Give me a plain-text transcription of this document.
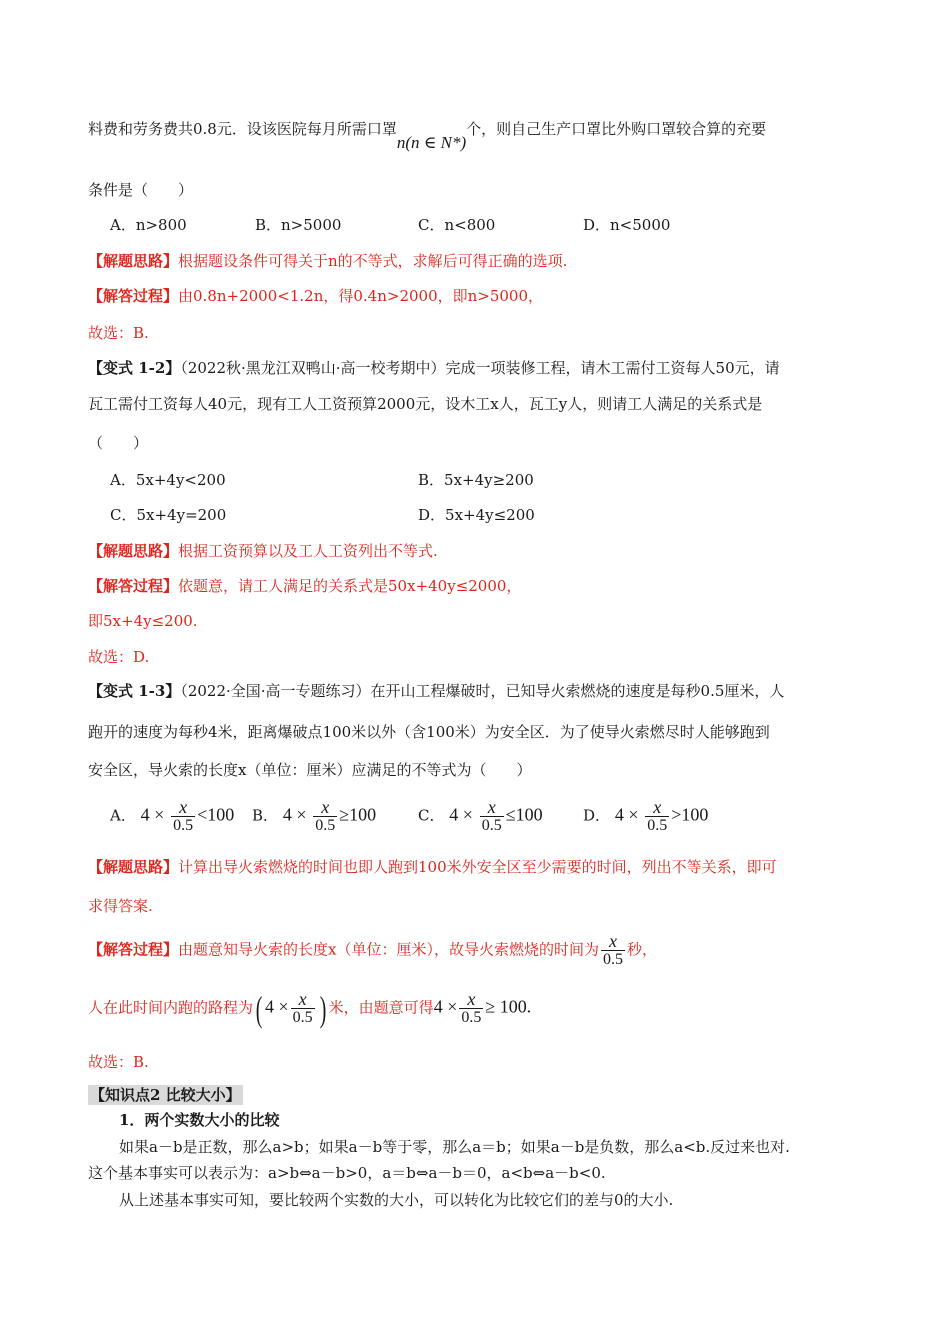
料费和劳务费共0.8元．设该医院每月所需口罩n(n ∈ N*)个，则自己生产口罩比外购口罩较合算的充要
条件是（　　）
A．n>800	B．n>5000	C．n<800	D．n<5000
【解题思路】根据题设条件可得关于n的不等式，求解后可得正确的选项.
【解答过程】由0.8n+2000<1.2n，得0.4n>2000，即n>5000，
故选：B.
【变式 1-2】（2022秋·黑龙江双鸭山·高一校考期中）完成一项装修工程，请木工需付工资每人50元，请
瓦工需付工资每人40元，现有工人工资预算2000元，设木工x人，瓦工y人，则请工人满足的关系式是
（　　）
A．5x+4y<200	B．5x+4y≥200
C．5x+4y=200	D．5x+4y≤200
【解题思路】根据工资预算以及工人工资列出不等式.
【解答过程】依题意，请工人满足的关系式是50x+40y≤2000，
即5x+4y≤200.
故选：D.
【变式 1-3】（2022·全国·高一专题练习）在开山工程爆破时，已知导火索燃烧的速度是每秒0.5厘米，人
跑开的速度为每秒4米，距离爆破点100米以外（含100米）为安全区．为了使导火索燃尽时人能够跑到
安全区，导火索的长度x（单位：厘米）应满足的不等式为（　　）
A． $4 \times \frac{x}{0.5} <100$ B． $4 \times \frac{x}{0.5} \ge 100$	C． $4 \times \frac{x}{0.5} \le 100$	D． $4 \times \frac{x}{0.5} >100$
【解题思路】计算出导火索燃烧的时间也即人跑到100米外安全区至少需要的时间，列出不等关系，即可
求得答案.
【解答过程】由题意知导火索的长度x（单位：厘米），故导火索燃烧的时间为 $\frac{x}{0.5}$ 秒，
人在此时间内跑的路程为( $4 \times \frac{x}{0.5}$ ) 米，由题意可得$4 \times \frac{x}{0.5} \ge 100$.
故选：B.
【知识点2 比较大小】
1．两个实数大小的比较
如果a－b是正数，那么a>b；如果a－b等于零，那么a＝b；如果a－b是负数，那么a<b.反过来也对.
这个基本事实可以表示为：a>b⇔a－b>0，a＝b⇔a－b＝0，a<b⇔a－b<0.
从上述基本事实可知，要比较两个实数的大小，可以转化为比较它们的差与0的大小.
